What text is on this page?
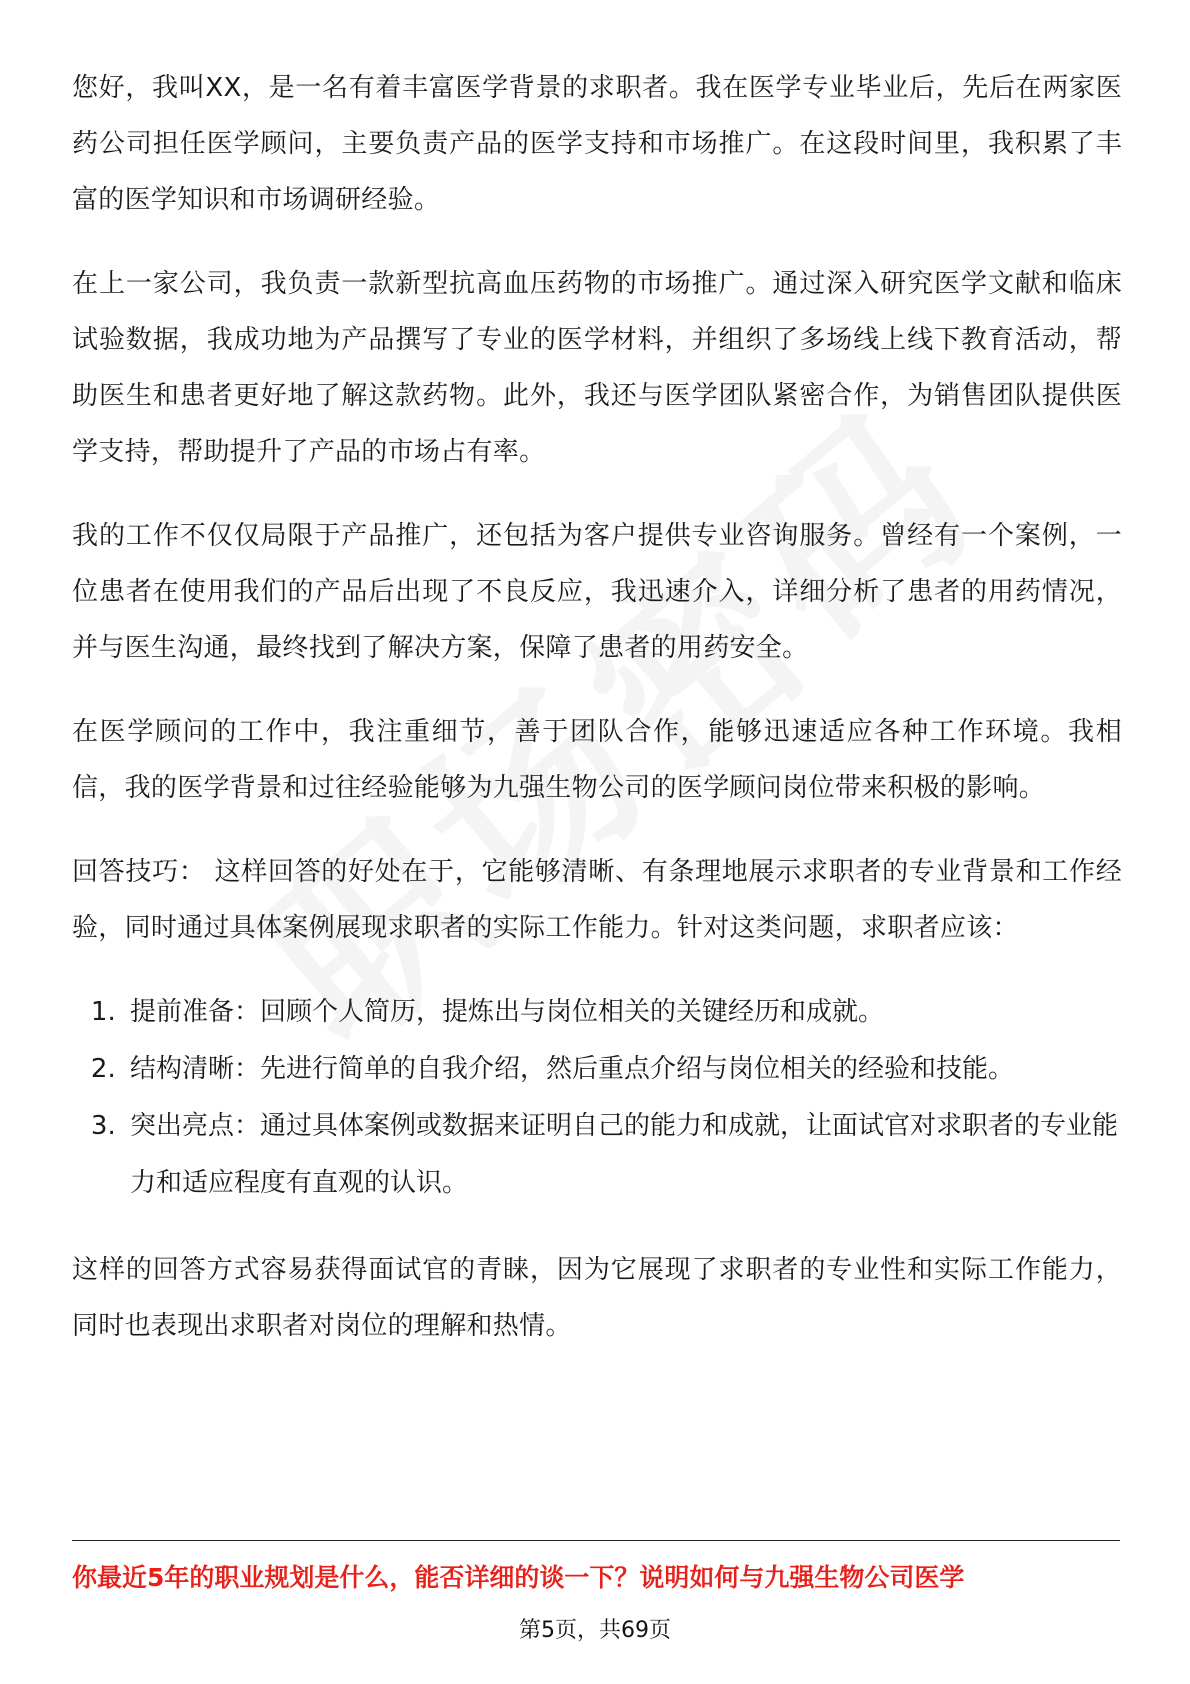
您好，我叫XX，是一名有着丰富医学背景的求职者。我在医学专业毕业后，先后在两家医药公司担任医学顾问，主要负责产品的医学支持和市场推广。在这段时间里，我积累了丰富的医学知识和市场调研经验。

在上一家公司，我负责一款新型抗高血压药物的市场推广。通过深入研究医学文献和临床试验数据，我成功地为产品撰写了专业的医学材料，并组织了多场线上线下教育活动，帮助医生和患者更好地了解这款药物。此外，我还与医学团队紧密合作，为销售团队提供医学支持，帮助提升了产品的市场占有率。

我的工作不仅仅局限于产品推广，还包括为客户提供专业咨询服务。曾经有一个案例，一位患者在使用我们的产品后出现了不良反应，我迅速介入，详细分析了患者的用药情况，并与医生沟通，最终找到了解决方案，保障了患者的用药安全。

在医学顾问的工作中，我注重细节，善于团队合作，能够迅速适应各种工作环境。我相信，我的医学背景和过往经验能够为九强生物公司的医学顾问岗位带来积极的影响。

回答技巧： 这样回答的好处在于，它能够清晰、有条理地展示求职者的专业背景和工作经验，同时通过具体案例展现求职者的实际工作能力。针对这类问题，求职者应该：

1. 提前准备：回顾个人简历，提炼出与岗位相关的关键经历和成就。
2. 结构清晰：先进行简单的自我介绍，然后重点介绍与岗位相关的经验和技能。
3. 突出亮点：通过具体案例或数据来证明自己的能力和成就，让面试官对求职者的专业能力和适应程度有直观的认识。

这样的回答方式容易获得面试官的青睐，因为它展现了求职者的专业性和实际工作能力，同时也表现出求职者对岗位的理解和热情。

你最近5年的职业规划是什么，能否详细的谈一下？说明如何与九强生物公司医学
第5页，共69页
